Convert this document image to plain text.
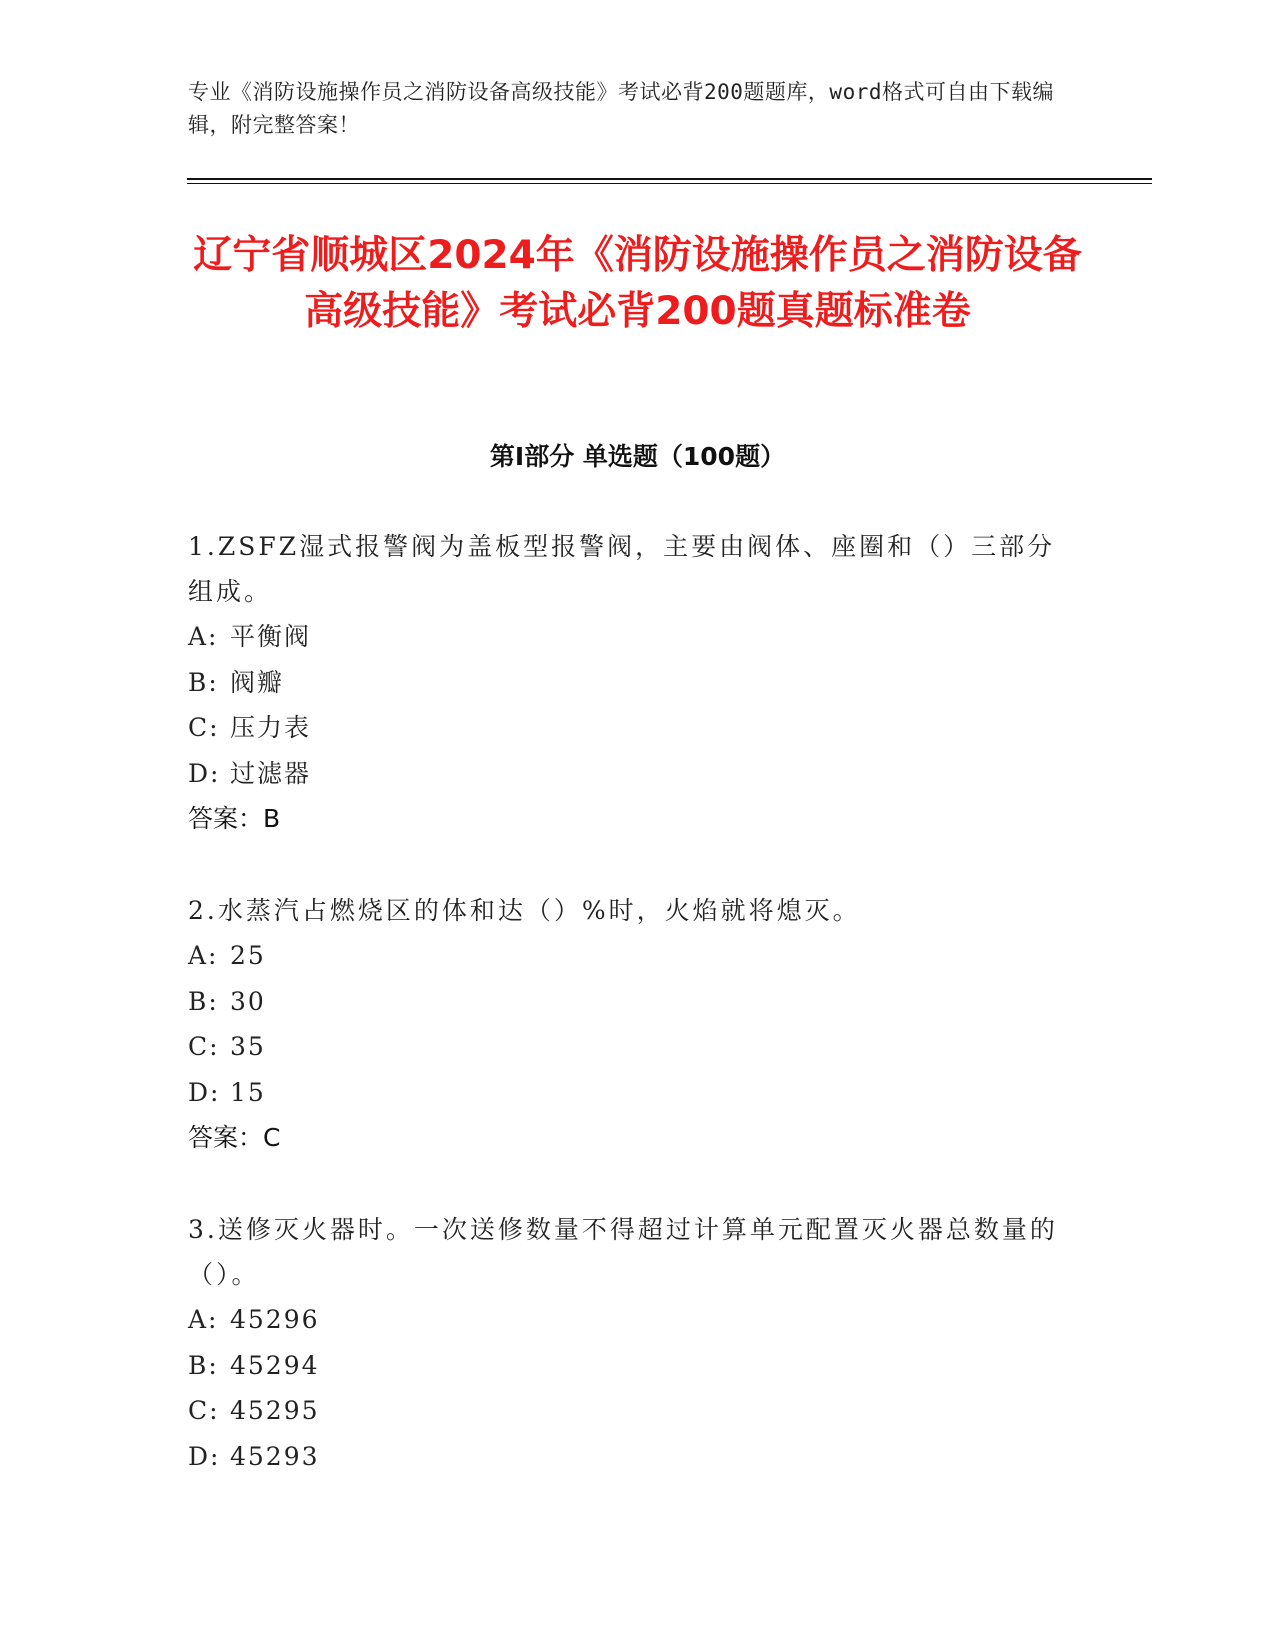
专业《消防设施操作员之消防设备高级技能》考试必背200题题库，word格式可自由下载编辑，附完整答案！
辽宁省顺城区2024年《消防设施操作员之消防设备高级技能》考试必背200题真题标准卷
第I部分 单选题（100题）
1.ZSFZ湿式报警阀为盖板型报警阀，主要由阀体、座圈和（）三部分组成。
A: 平衡阀
B: 阀瓣
C: 压力表
D: 过滤器
答案：B
2.水蒸汽占燃烧区的体和达（）%时，火焰就将熄灭。
A: 25
B: 30
C: 35
D: 15
答案：C
3.送修灭火器时。一次送修数量不得超过计算单元配置灭火器总数量的（）。
A: 45296
B: 45294
C: 45295
D: 45293
